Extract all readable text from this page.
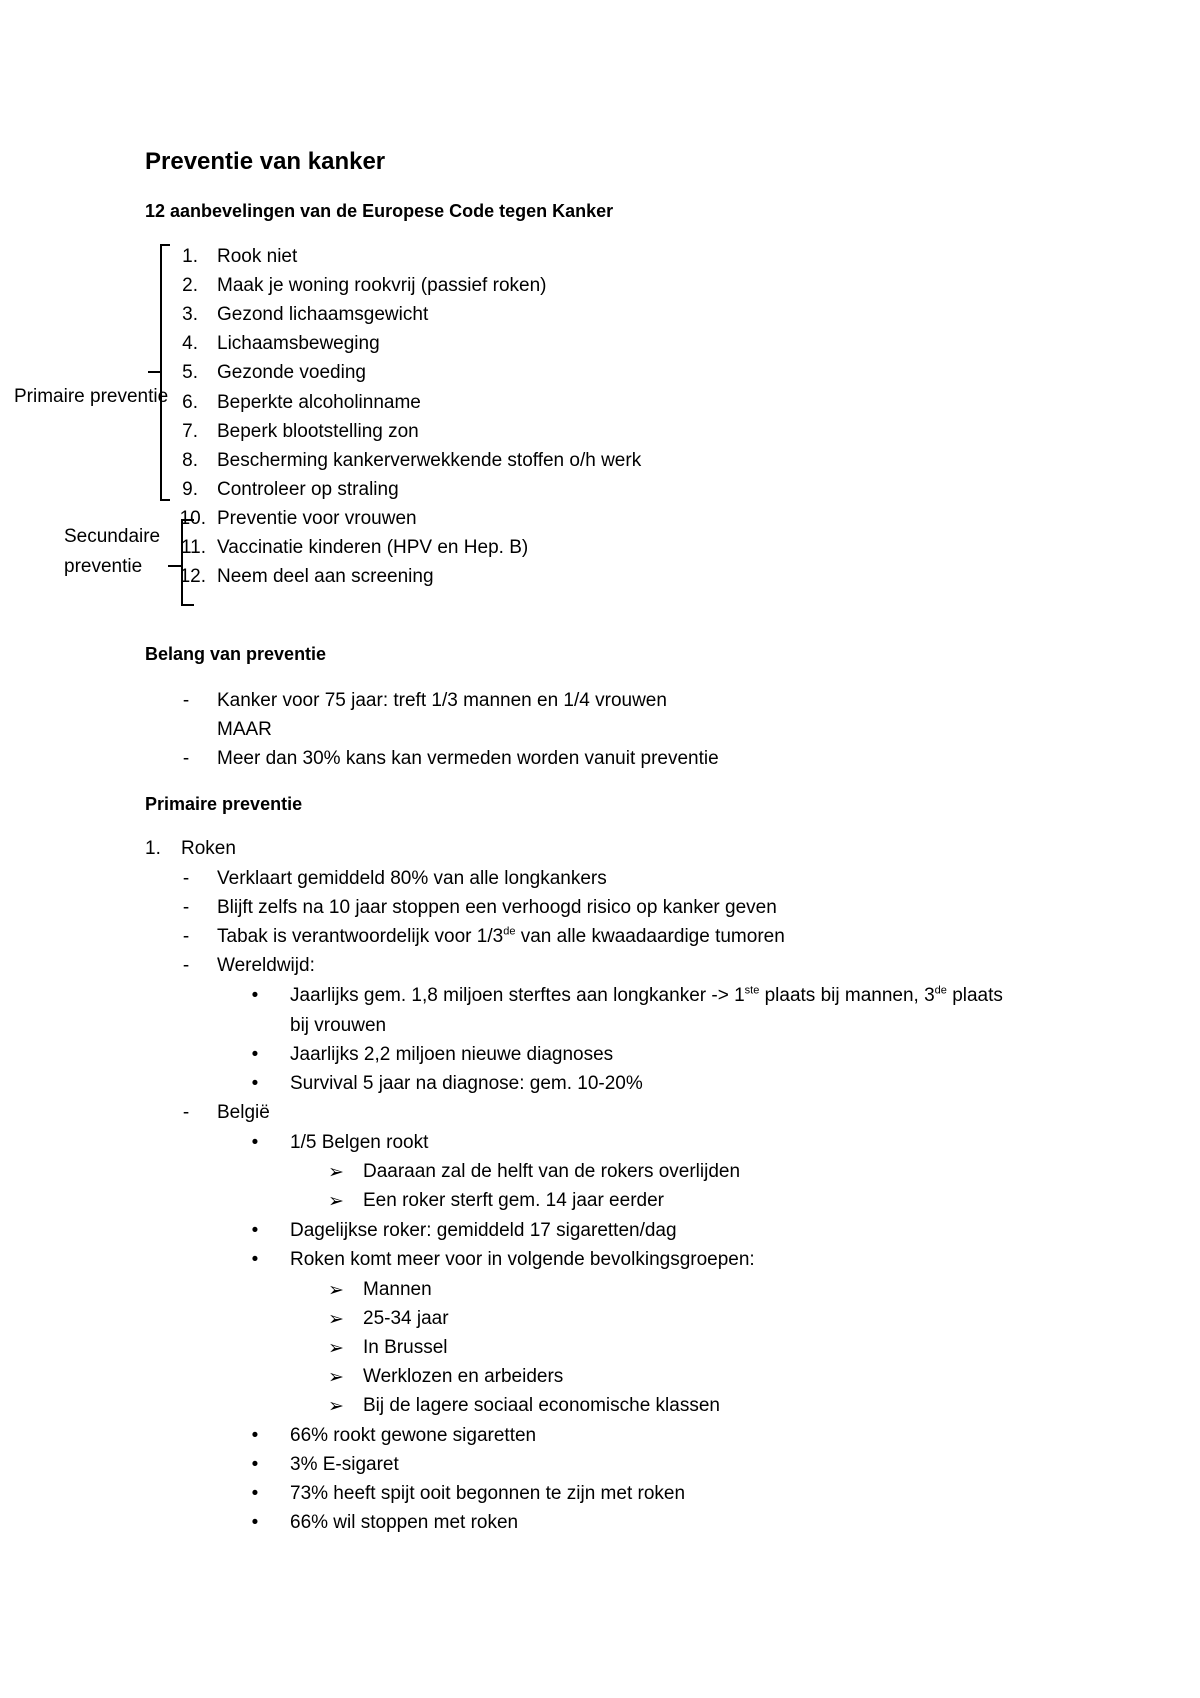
Preventie van kanker
12 aanbevelingen van de Europese Code tegen Kanker
1. Rook niet
2. Maak je woning rookvrij (passief roken)
3. Gezond lichaamsgewicht
4. Lichaamsbeweging
5. Gezonde voeding
6. Beperkte alcoholinname
7. Beperk blootstelling zon
8. Bescherming kankerverwekkende stoffen o/h werk
9. Controleer op straling
10. Preventie voor vrouwen
11. Vaccinatie kinderen (HPV en Hep. B)
12. Neem deel aan screening
Primaire preventie
Secundaire
preventie
Belang van preventie
-	Kanker voor 75 jaar: treft 1/3 mannen en 1/4 vrouwen
MAAR
-	Meer dan 30% kans kan vermeden worden vanuit preventie
Primaire preventie
1. Roken
-	Verklaart gemiddeld 80% van alle longkankers
-	Blijft zelfs na 10 jaar stoppen een verhoogd risico op kanker geven
-	Tabak is verantwoordelijk voor 1/3de van alle kwaadaardige tumoren
-	Wereldwijd:
•	Jaarlijks gem. 1,8 miljoen sterftes aan longkanker -> 1ste plaats bij mannen, 3de plaats
bij vrouwen
•	Jaarlijks 2,2 miljoen nieuwe diagnoses
•	Survival 5 jaar na diagnose: gem. 10-20%
-	België
•	1/5 Belgen rookt
➢ Daaraan zal de helft van de rokers overlijden
➢ Een roker sterft gem. 14 jaar eerder
•	Dagelijkse roker: gemiddeld 17 sigaretten/dag
•	Roken komt meer voor in volgende bevolkingsgroepen:
➢ Mannen
➢ 25-34 jaar
➢ In Brussel
➢ Werklozen en arbeiders
➢ Bij de lagere sociaal economische klassen
•	66% rookt gewone sigaretten
•	3% E-sigaret
•	73% heeft spijt ooit begonnen te zijn met roken
•	66% wil stoppen met roken
